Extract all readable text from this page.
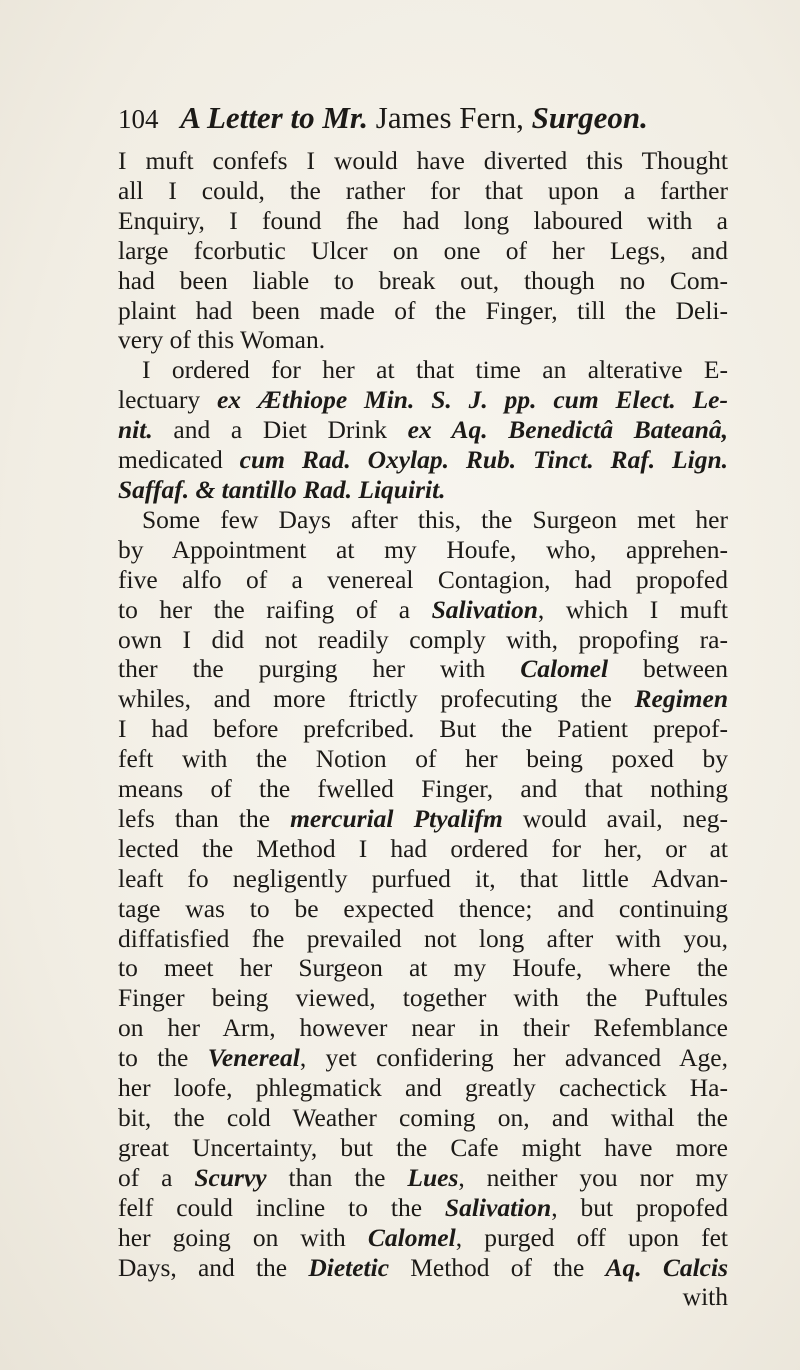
104 A Letter to Mr. James Fern, Surgeon.
I muft confefs I would have diverted this Thought
all I could, the rather for that upon a farther
Enquiry, I found fhe had long laboured with a
large fcorbutic Ulcer on one of her Legs, and
had been liable to break out, though no Com-
plaint had been made of the Finger, till the Deli-
very of this Woman.
I ordered for her at that time an alterative E-
lectuary ex Æthiope Min. S. J. pp. cum Elect. Le-
nit. and a Diet Drink ex Aq. Benedictâ Bateanâ,
medicated cum Rad. Oxylap. Rub. Tinct. Raf. Lign.
Saffaf. & tantillo Rad. Liquirit.
Some few Days after this, the Surgeon met her
by Appointment at my Houfe, who, apprehen-
five alfo of a venereal Contagion, had propofed
to her the raifing of a Salivation, which I muft
own I did not readily comply with, propofing ra-
ther the purging her with Calomel between
whiles, and more ftrictly profecuting the Regimen
I had before prefcribed. But the Patient prepof-
feft with the Notion of her being poxed by
means of the fwelled Finger, and that nothing
lefs than the mercurial Ptyalifm would avail, neg-
lected the Method I had ordered for her, or at
leaft fo negligently purfued it, that little Advan-
tage was to be expected thence; and continuing
diffatisfied fhe prevailed not long after with you,
to meet her Surgeon at my Houfe, where the
Finger being viewed, together with the Puftules
on her Arm, however near in their Refemblance
to the Venereal, yet confidering her advanced Age,
her loofe, phlegmatick and greatly cachectick Ha-
bit, the cold Weather coming on, and withal the
great Uncertainty, but the Cafe might have more
of a Scurvy than the Lues, neither you nor my
felf could incline to the Salivation, but propofed
her going on with Calomel, purged off upon fet
Days, and the Dietetic Method of the Aq. Calcis
with
